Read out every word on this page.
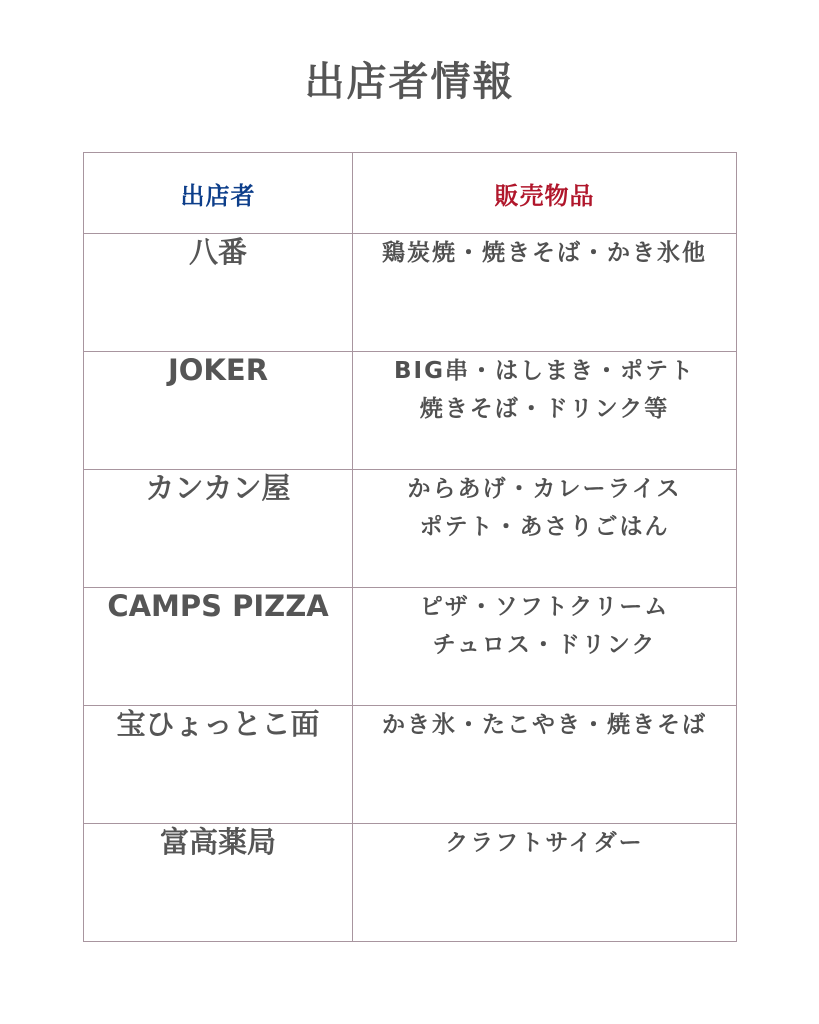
出店者情報
出店者	販売物品
八番	鶏炭焼・焼きそば・かき氷他

JOKER	BIG串・はしまき・ポテト
焼きそば・ドリンク等

カンカン屋	からあげ・カレーライス
ポテト・あさりごはん

CAMPS PIZZA	ピザ・ソフトクリーム
チュロス・ドリンク

宝ひょっとこ面	かき氷・たこやき・焼きそば

富高薬局	クラフトサイダー
